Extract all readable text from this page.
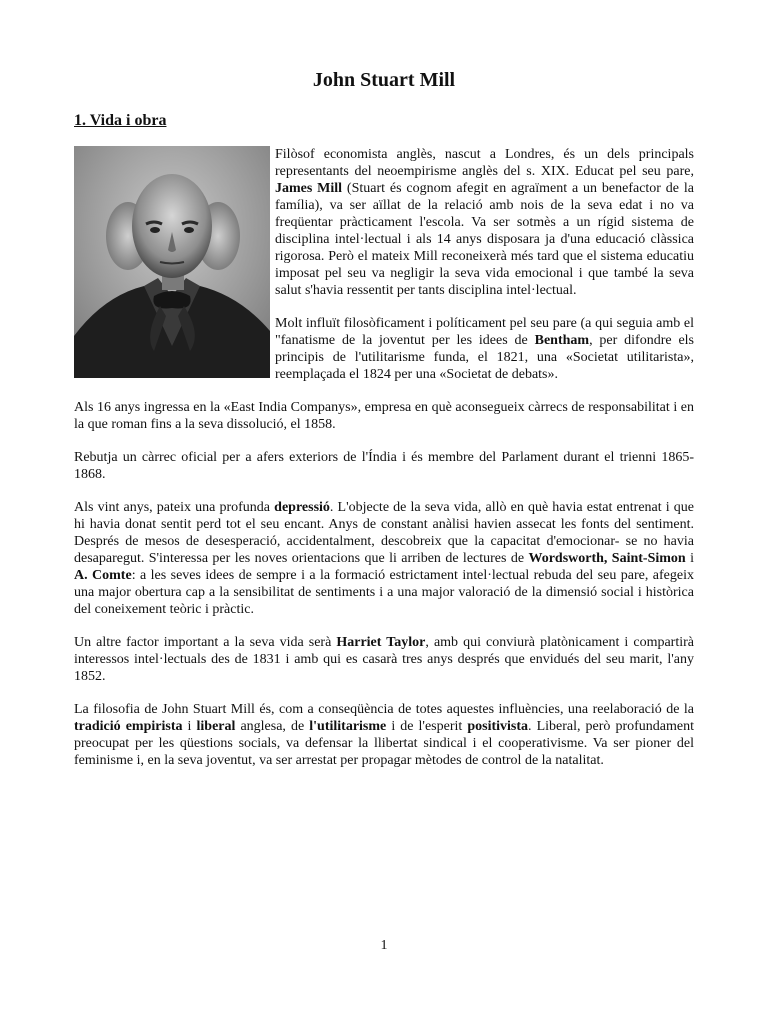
John Stuart Mill
1. Vida i obra

Filòsof economista anglès, nascut a Londres, és un dels principals representants del neoempirisme anglès del s. XIX. Educat pel seu pare, James Mill (Stuart és cognom afegit en agraïment a un benefactor de la família), va ser aïllat de la relació amb nois de la seva edat i no va freqüentar pràcticament l'escola. Va ser sotmès a un rígid sistema de disciplina intel·lectual i als 14 anys disposara ja d'una educació clàssica rigorosa. Però el mateix Mill reconeixerà més tard que el sistema educatiu imposat pel seu va negligir la seva vida emocional i que també la seva salut s'havia ressentit per tants disciplina intel·lectual.

Molt influït filosòficament i políticament pel seu pare (a qui seguia amb el "fanatisme de la joventut per les idees de Bentham, per difondre els principis de l'utilitarisme funda, el 1821, una «Societat utilitarista», reemplaçada el 1824 per una «Societat de debats».

Als 16 anys ingressa en la «East India Companys», empresa en què aconsegueix càrrecs de responsabilitat i en la que roman fins a la seva dissolució, el 1858.

Rebutja un càrrec oficial per a afers exteriors de l'Índia i és membre del Parlament durant el trienni 1865-1868.

Als vint anys, pateix una profunda depressió. L'objecte de la seva vida, allò en què havia estat entrenat i que hi havia donat sentit perd tot el seu encant. Anys de constant anàlisi havien assecat les fonts del sentiment. Després de mesos de desesperació, accidentalment, descobreix que la capacitat d'emocionar- se no havia desaparegut. S'interessa per les noves orientacions que li arriben de lectures de Wordsworth, Saint-Simon i A. Comte: a les seves idees de sempre i a la formació estrictament intel·lectual rebuda del seu pare, afegeix una major obertura cap a la sensibilitat de sentiments i a una major valoració de la dimensió social i històrica del coneixement teòric i pràctic.

Un altre factor important a la seva vida serà Harriet Taylor, amb qui conviurà platònicament i compartirà interessos intel·lectuals des de 1831 i amb qui es casarà tres anys després que envidués del seu marit, l'any 1852.

La filosofia de John Stuart Mill és, com a conseqüència de totes aquestes influències, una reelaboració de la tradició empirista i liberal anglesa, de l'utilitarisme i de l'esperit positivista. Liberal, però profundament preocupat per les qüestions socials, va defensar la llibertat sindical i el cooperativisme. Va ser pioner del feminisme i, en la seva joventut, va ser arrestat per propagar mètodes de control de la natalitat.

1
